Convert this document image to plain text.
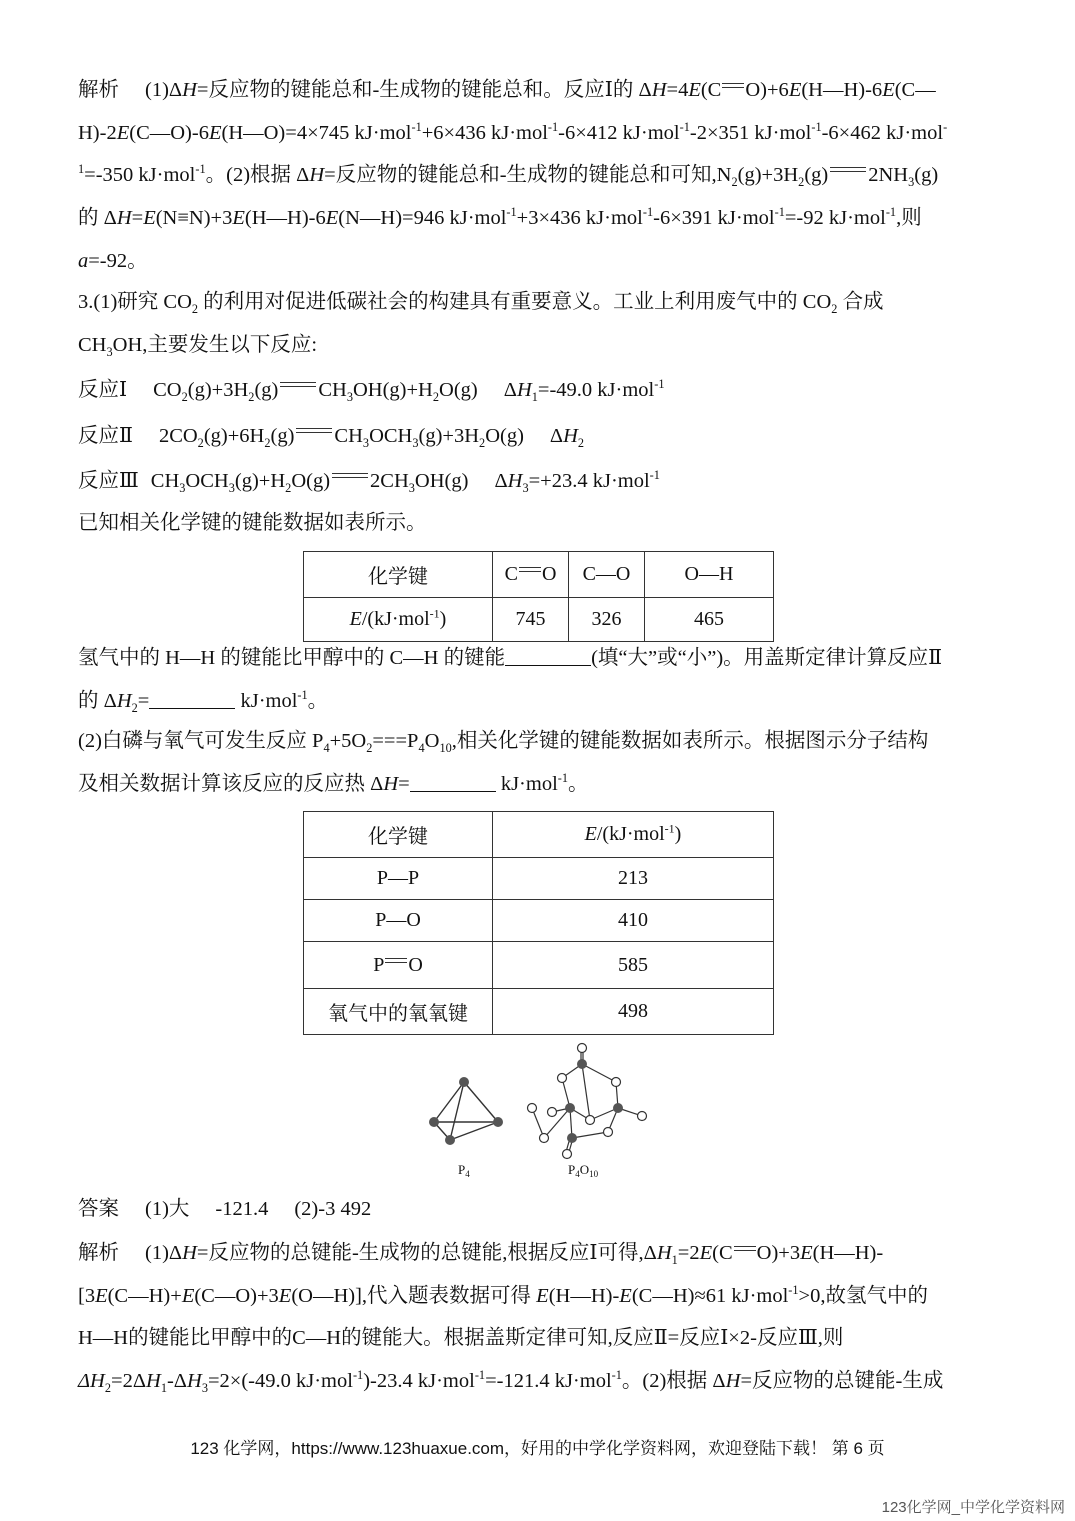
解析 (1)ΔH=反应物的键能总和-生成物的键能总和。反应Ⅰ的 ΔH=4E(C O)+6E(H—H)-6E(C—
H)-2E(C—O)-6E(H—O)=4×745 kJ·mol$^{-1}$+6×436 kJ·mol$^{-1}$-6×412 kJ·mol$^{-1}$-2×351 kJ·mol$^{-1}$-6×462 kJ·mol-
$^1$=-350 kJ·mol$^{-1}$。(2)根据 ΔH=反应物的键能总和-生成物的键能总和可知$,N_2(g)+3H_2(g)$ $2NH_3(g)$
的 ΔH=E(N≡N)+3E(H—H)-6E(N—H)=946 kJ·mol$^{-1}$+3×436 kJ·mol$^{-1}$-6×391 kJ·mol$^{-1}$=-92 kJ·mol$^{-1}$,则
a=-92。
3.(1)研究 $CO_2$ 的利用对促进低碳社会的构建具有重要意义。工业上利用废气中的 $CO_2$ 合成
$CH_3OH$,主要发生以下反应:
反应Ⅰ $CO_2(g)+3H_2(g)$ $CH_3OH(g)+H_2O(g)$ $\Delta H_1=-49.0$ kJ·mol$^{-1}$
反应Ⅱ $2CO_2(g)+6H_2(g)$ $CH_3OCH_3(g)+3H_2O(g)$ $\Delta H_2$
反应Ⅲ $CH_3OCH_3(g)+H_2O(g)$ $2CH_3OH(g)$ $\Delta H_3=+23.4$ kJ·mol$^{-1}$
已知相关化学键的键能数据如表所示。
化学键	C O	C—O	O—H
E/(kJ·mol$^{-1}$)	745	326	465
氢气中的 H—H 的键能比甲醇中的 C—H 的键能	(填“大”或“小”)。用盖斯定律计算反应Ⅱ
的 $\Delta H_2=$	kJ·mol$^{-1}$。
(2)白磷与氧气可发生反应 $P_4+5O_2===P_4O_{10}$,相关化学键的键能数据如表所示。根据图示分子结构
及相关数据计算该反应的反应热 ΔH=	kJ·mol$^{-1}$。
化学键	E/(kJ·mol$^{-1}$)
P—P	213
P—O	410
P O	585
氧气中的氧氧键	498
$P_4$	$P_4O_{10}$
答案 (1)大 -121.4 (2)-3 492
解析 (1)ΔH=反应物的总键能-生成物的总键能,根据反应Ⅰ可得$,\Delta H_1=2E(C$ O)+3E(H—H)-
[3E(C—H)+E(C—O)+3E(O—H)],代入题表数据可得 E(H—H)-E(C—H)≈61 kJ·mol$^{-1}$>0,故氢气中的
H—H的键能比甲醇中的C—H的键能大。根据盖斯定律可知,反应Ⅱ=反应Ⅰ×2-反应Ⅲ,则
$\Delta H_2=2\Delta H_1-\Delta H_3=2\times(-49.0$ kJ·mol$^{-1}$)-23.4 kJ·mol$^{-1}$=-121.4 kJ·mol$^{-1}$。(2)根据 ΔH=反应物的总键能-生成
123 化学网，https://www.123huaxue.com，好用的中学化学资料网，欢迎登陆下载！ 第 6 页
123化学网_中学化学资料网
